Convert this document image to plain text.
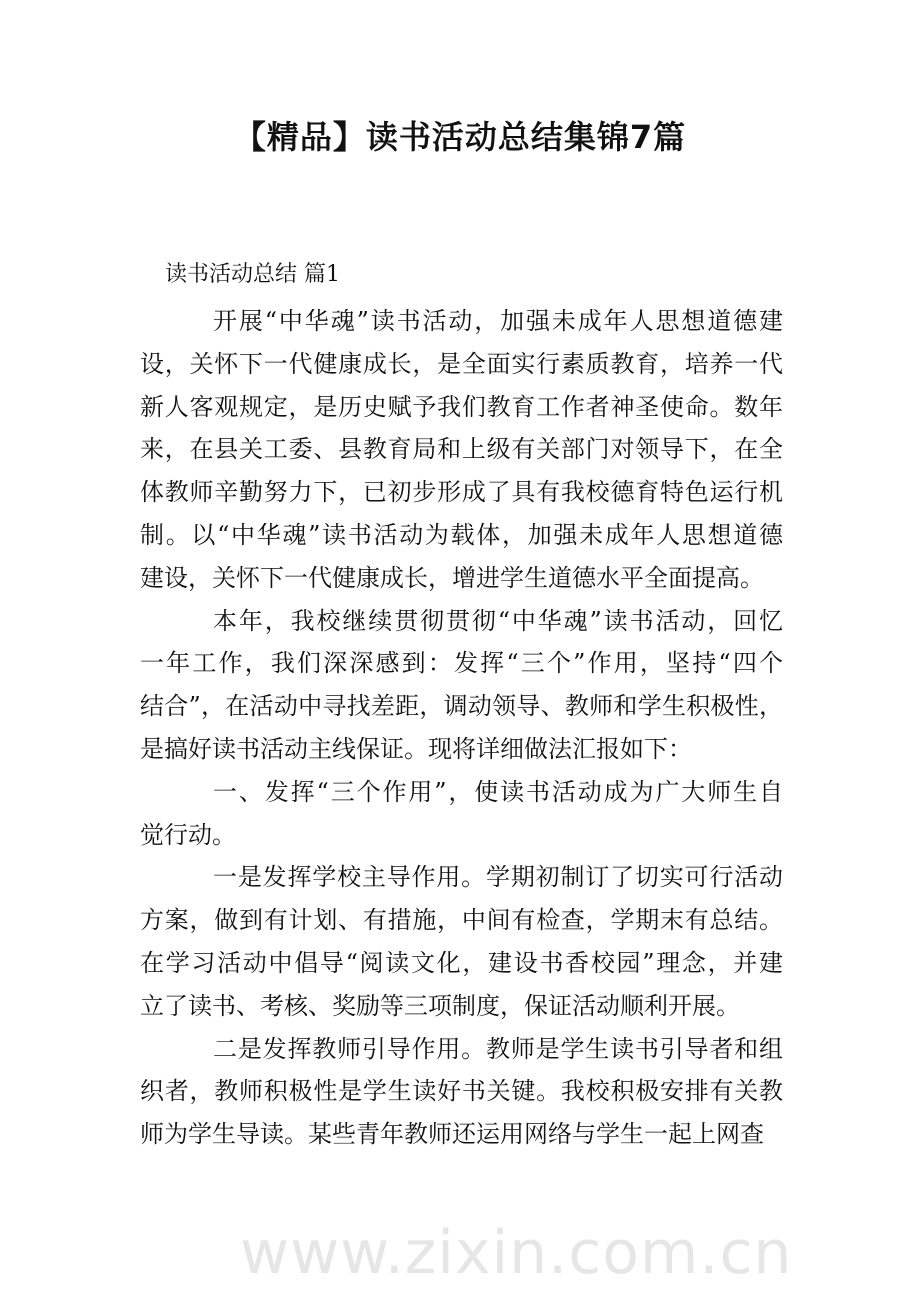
【精品】读书活动总结集锦7篇
读书活动总结 篇1
开展“中华魂”读书活动，加强未成年人思想道德建
设，关怀下一代健康成长，是全面实行素质教育，培养一代
新人客观规定，是历史赋予我们教育工作者神圣使命。数年
来，在县关工委、县教育局和上级有关部门对领导下，在全
体教师辛勤努力下，已初步形成了具有我校德育特色运行机
制。以“中华魂”读书活动为载体，加强未成年人思想道德
建设，关怀下一代健康成长，增进学生道德水平全面提高。
本年，我校继续贯彻贯彻“中华魂”读书活动，回忆
一年工作，我们深深感到：发挥“三个”作用，坚持“四个
结合”，在活动中寻找差距，调动领导、教师和学生积极性，
是搞好读书活动主线保证。现将详细做法汇报如下：
一、发挥“三个作用”，使读书活动成为广大师生自
觉行动。
一是发挥学校主导作用。学期初制订了切实可行活动
方案，做到有计划、有措施，中间有检查，学期末有总结。
在学习活动中倡导“阅读文化，建设书香校园”理念，并建
立了读书、考核、奖励等三项制度，保证活动顺利开展。
二是发挥教师引导作用。教师是学生读书引导者和组
织者，教师积极性是学生读好书关键。我校积极安排有关教
师为学生导读。某些青年教师还运用网络与学生一起上网查
www.zixin.com.cn
